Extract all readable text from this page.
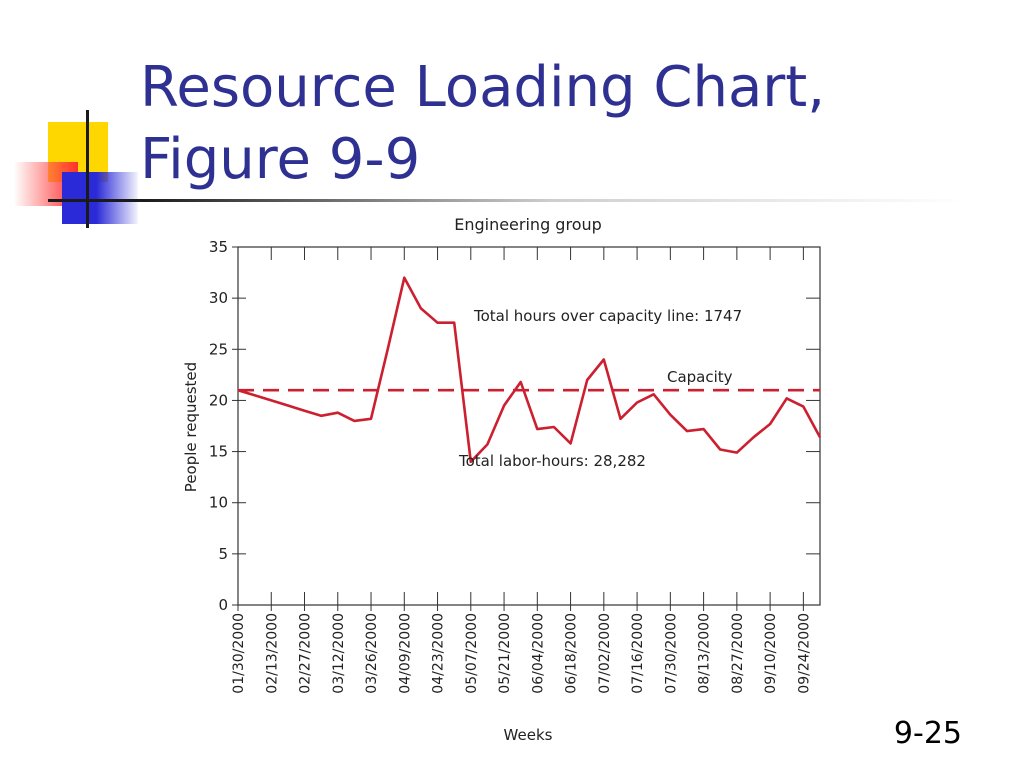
Resource Loading Chart,
Figure 9-9
Engineering group
0
5
10
15
20
25
30
35
01/30/2000 02/13/2000 02/27/2000 03/12/2000 03/26/2000 04/09/2000 04/23/2000 05/07/2000 05/21/2000 06/04/2000 06/18/2000 07/02/2000 07/16/2000 07/30/2000 08/13/2000 08/27/2000 09/10/2000 09/24/2000
Total hours over capacity line: 1747
Capacity
Total labor-hours: 28,282
People requested
Weeks	9-25
